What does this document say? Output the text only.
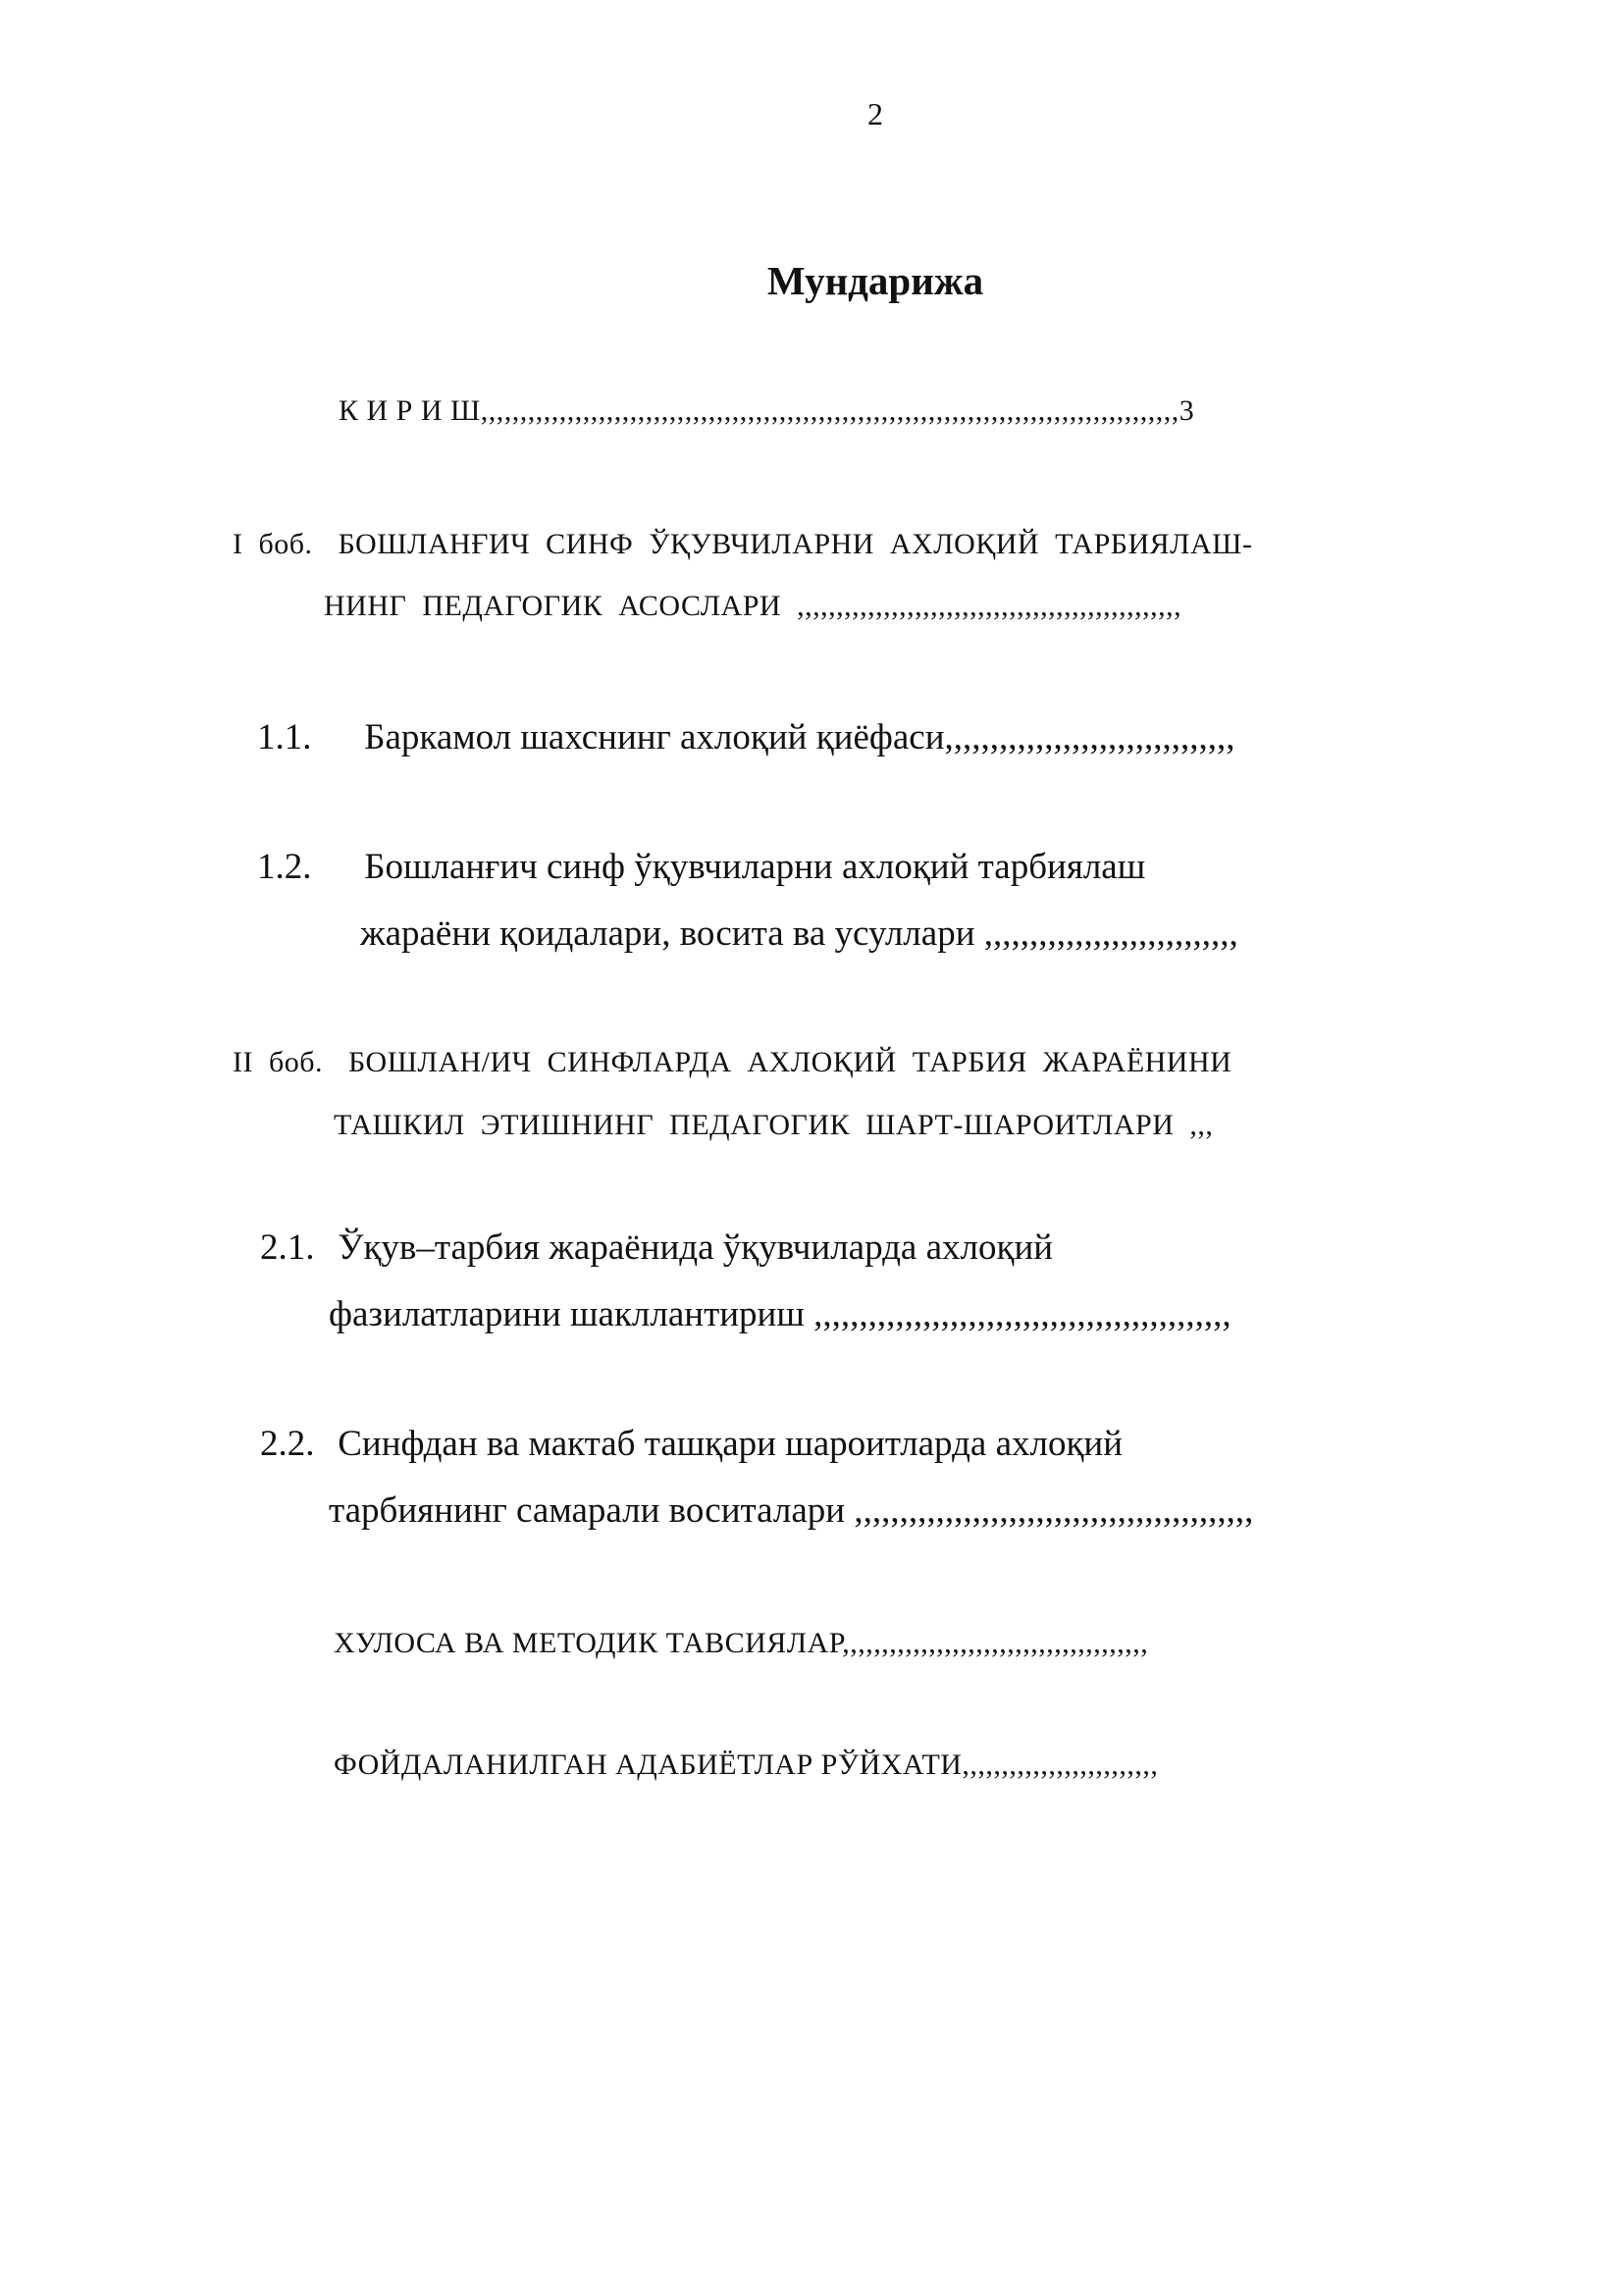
2
Мундарижа
К И Р И Ш,,,,,,,,,,,,,,,,,,,,,,,,,,,,,,,,,,,,,,,,,,,,,,,,,,,,,,,,,,,,,,,,,,,,,,,,,,,,,,,,,,,,,,,,,3
I боб. БОШЛАНҒИЧ СИНФ ЎҚУВЧИЛАРНИ АХЛОҚИЙ ТАРБИЯЛАШ-
НИНГ ПЕДАГОГИК АСОСЛАРИ ,,,,,,,,,,,,,,,,,,,,,,,,,,,,,,,,,,,,,,,,,,,,,,,,,
1.1. Баркамол шахснинг ахлоқий қиёфаси,,,,,,,,,,,,,,,,,,,,,,,,,,,,,,,,
1.2. Бошланғич синф ўқувчиларни ахлоқий тарбиялаш
жараёни қоидалари, восита ва усуллари ,,,,,,,,,,,,,,,,,,,,,,,,,,,,
II боб. БОШЛАН/ИЧ СИНФЛАРДА АХЛОҚИЙ ТАРБИЯ ЖАРАЁНИНИ
ТАШКИЛ ЭТИШНИНГ ПЕДАГОГИК ШАРТ-ШАРОИТЛАРИ ,,,
2.1. Ўқув–тарбия жараёнида ўқувчиларда ахлоқий
фазилатларини шакллантириш ,,,,,,,,,,,,,,,,,,,,,,,,,,,,,,,,,,,,,,,,,,,,,,
2.2. Синфдан ва мактаб ташқари шароитларда ахлоқий
тарбиянинг самарали воситалари ,,,,,,,,,,,,,,,,,,,,,,,,,,,,,,,,,,,,,,,,,,,,
ХУЛОСА ВА МЕТОДИК ТАВСИЯЛАР,,,,,,,,,,,,,,,,,,,,,,,,,,,,,,,,,,,,,,,
ФОЙДАЛАНИЛГАН АДАБИЁТЛАР РЎЙХАТИ,,,,,,,,,,,,,,,,,,,,,,,,,
